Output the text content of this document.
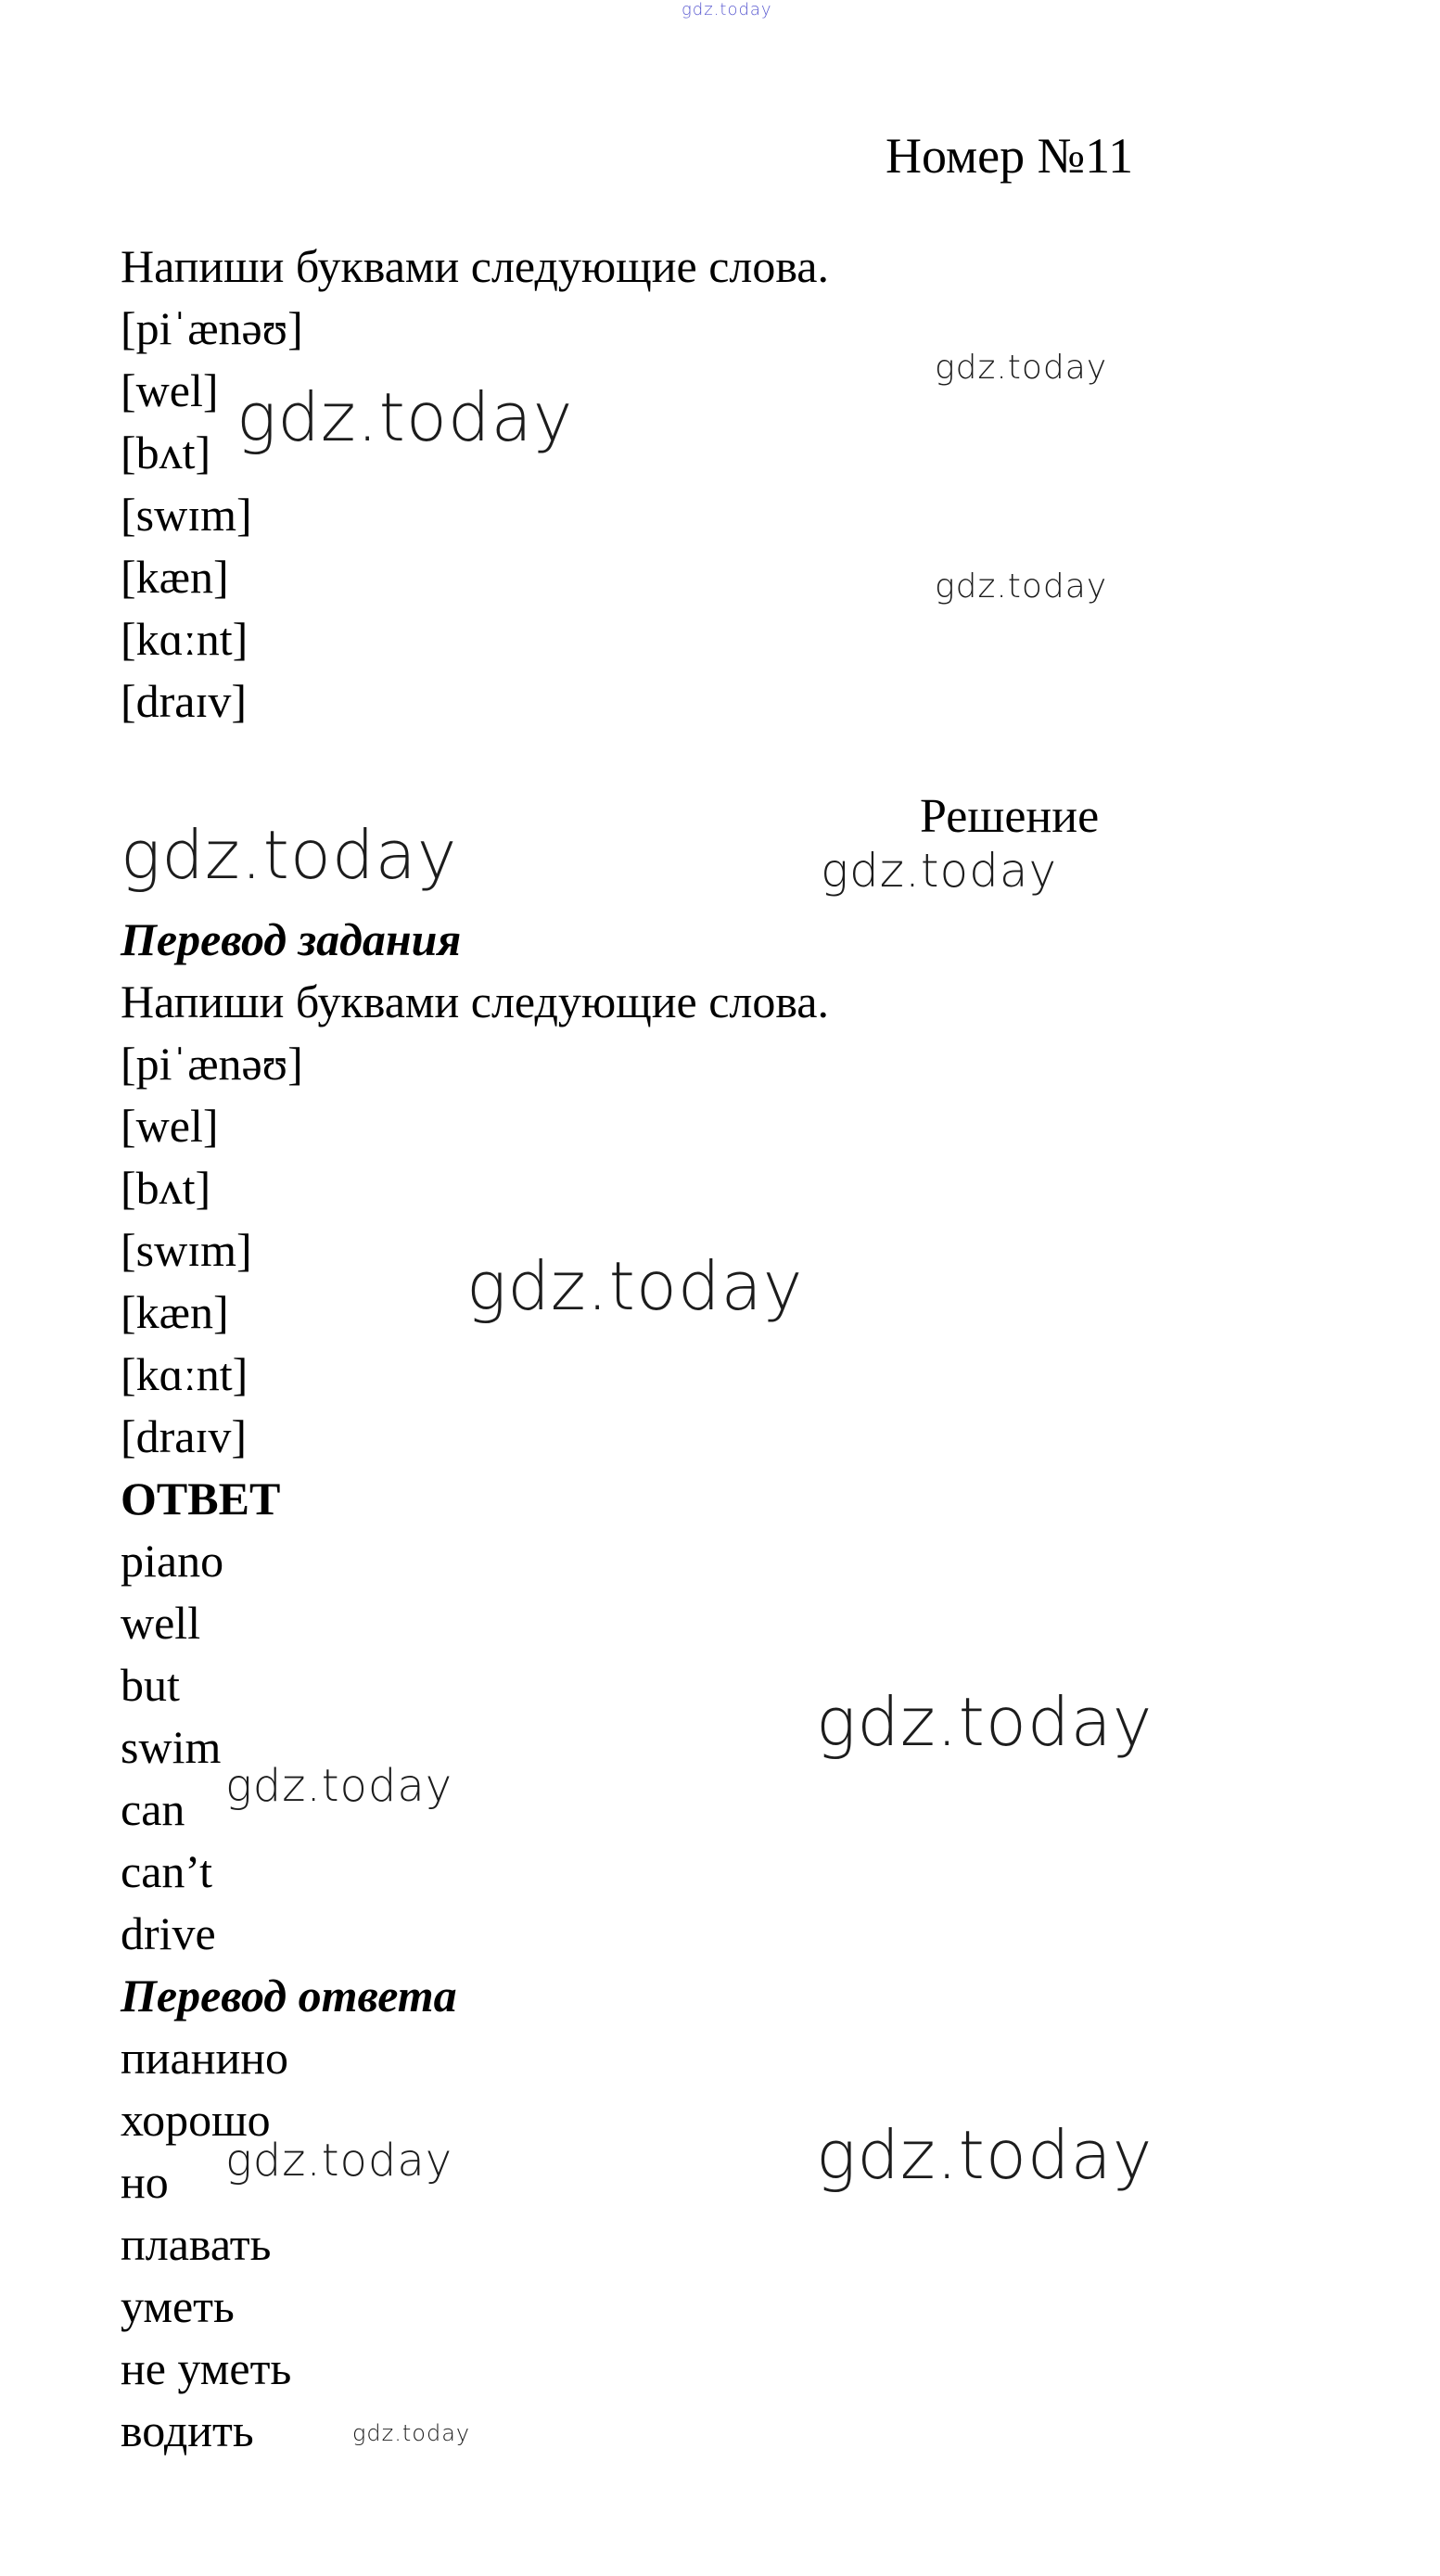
gdz.today
Номер №11
Напиши буквами следующие слова.
[piˈænəʊ]
[wel]
[bʌt]
[swɪm]
[kæn]
[kɑːnt]
[draɪv]
Решение
Перевод задания
Напиши буквами следующие слова.
[piˈænəʊ]
[wel]
[bʌt]
[swɪm]
[kæn]
[kɑːnt]
[draɪv]
ОТВЕТ
piano
well
but
swim
can
can’t
drive
Перевод ответа
пианино
хорошо
но
плавать
уметь
не уметь
водить
gdz.today
gdz.today
gdz.today
gdz.today	gdz.today
gdz.today
gdz.today
gdz.today
gdz.today
gdz.today
gdz.today
